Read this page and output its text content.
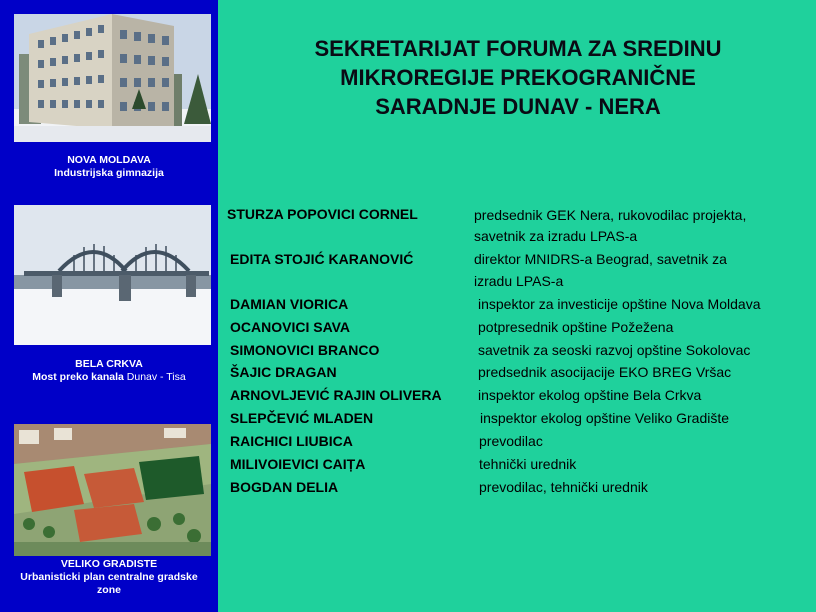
NOVA MOLDAVA
Industrijska gimnazija
BELA CRKVA
Most preko kanala Dunav - Tisa
VELIKO GRADISTE
Urbanisticki plan centralne gradske
zone
SEKRETARIJAT FORUMA ZA SREDINU
MIKROREGIJE PREKOGRANIČNE
SARADNJE DUNAV - NERA
STURZA POPOVICI CORNEL	predsednik GEK Nera, rukovodilac projekta,
savetnik za izradu LPAS-a
EDITA STOJIĆ KARANOVIĆ	direktor MNIDRS-a Beograd, savetnik za
izradu LPAS-a
DAMIAN VIORICA	inspektor za investicije opštine Nova Moldava
OCANOVICI SAVA	potpresednik opštine Požežena
SIMONOVICI BRANCO	savetnik za seoski razvoj opštine Sokolovac
ŠAJIC DRAGAN	predsednik asocijacije EKO BREG Vršac
ARNOVLJEVIĆ RAJIN OLIVERA	inspektor ekolog opštine Bela Crkva
SLEPČEVIĆ MLADEN	inspektor ekolog opštine Veliko Gradište
RAICHICI LIUBICA	prevodilac
MILIVOIEVICI CAIȚA	tehnički urednik
BOGDAN DELIA	prevodilac, tehnički urednik
